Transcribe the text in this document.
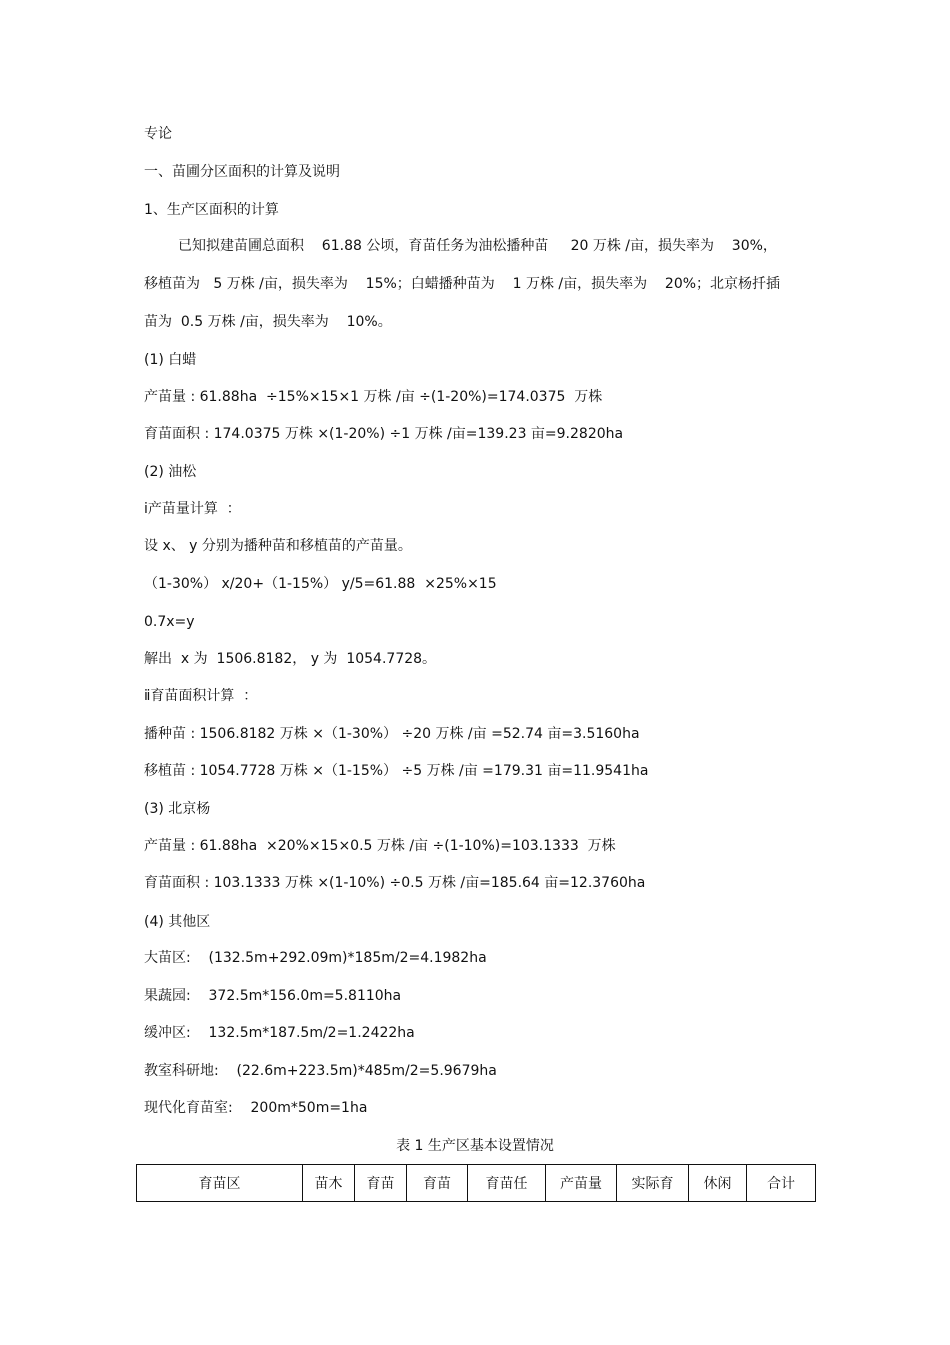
专论
一、苗圃分区面积的计算及说明
1、生产区面积的计算
已知拟建苗圃总面积    61.88 公顷，育苗任务为油松播种苗     20 万株 /亩，损失率为    30%，
移植苗为   5 万株 /亩，损失率为    15%；白蜡播种苗为    1 万株 /亩，损失率为    20%；北京杨扦插
苗为  0.5 万株 /亩，损失率为    10%。
(1) 白蜡
产苗量 : 61.88ha  ÷15%×15×1 万株 /亩 ÷(1-20%)=174.0375  万株
育苗面积 : 174.0375 万株 ×(1-20%) ÷1 万株 /亩=139.23 亩=9.2820ha
(2) 油松
ⅰ产苗量计算  ：
设 x、 y 分别为播种苗和移植苗的产苗量。
（1-30%） x/20+（1-15%） y/5=61.88  ×25%×15
0.7x=y
解出  x 为  1506.8182， y 为  1054.7728。
ⅱ育苗面积计算  ：
播种苗 : 1506.8182 万株 ×（1-30%） ÷20 万株 /亩 =52.74 亩=3.5160ha
移植苗 : 1054.7728 万株 ×（1-15%） ÷5 万株 /亩 =179.31 亩=11.9541ha
(3) 北京杨
产苗量 : 61.88ha  ×20%×15×0.5 万株 /亩 ÷(1-10%)=103.1333  万株
育苗面积 : 103.1333 万株 ×(1-10%) ÷0.5 万株 /亩=185.64 亩=12.3760ha
(4) 其他区
大苗区:    (132.5m+292.09m)*185m/2=4.1982ha
果蔬园:    372.5m*156.0m=5.8110ha
缓冲区:    132.5m*187.5m/2=1.2422ha
教室科研地:    (22.6m+223.5m)*485m/2=5.9679ha
现代化育苗室:    200m*50m=1ha
表 1 生产区基本设置情况
育苗区	苗木	育苗	育苗	育苗任	产苗量	实际育	休闲	合计
